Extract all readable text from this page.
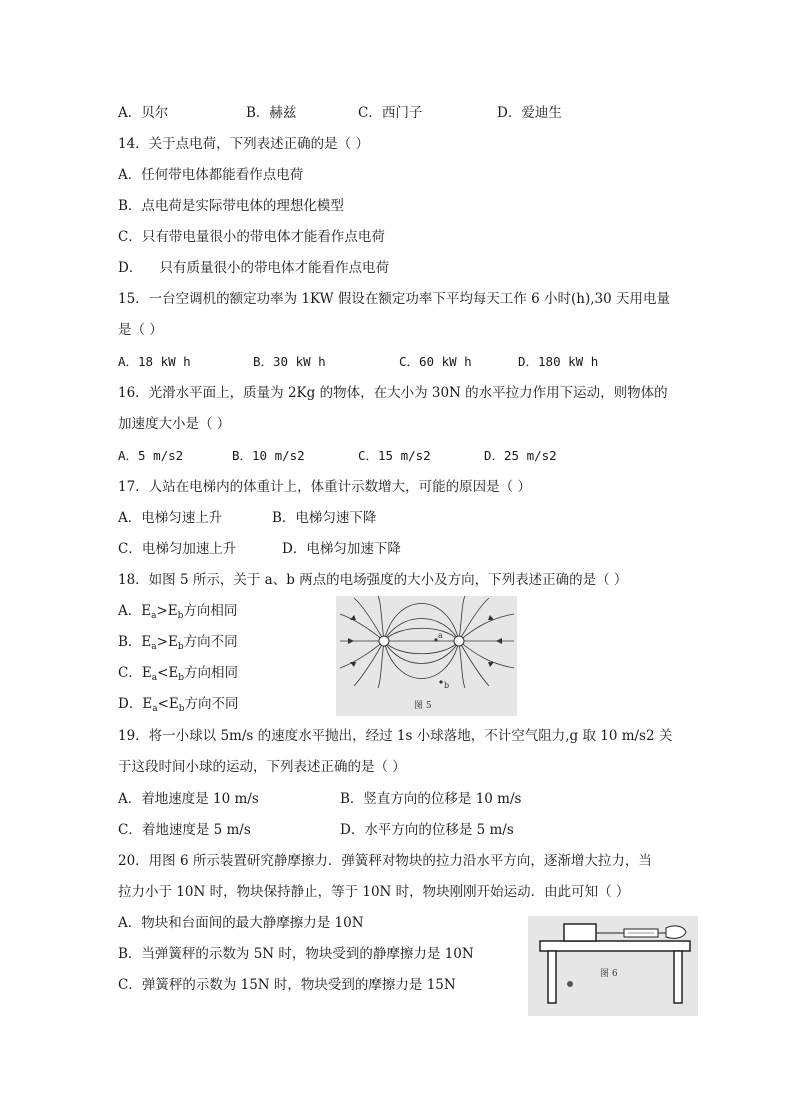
A．贝尔	B．赫兹	C．西门子	D．爱迪生
14．关于点电荷，下列表述正确的是（ ）
A．任何带电体都能看作点电荷
B．点电荷是实际带电体的理想化模型
C．只有带电量很小的带电体才能看作点电荷
D．    只有质量很小的带电体才能看作点电荷
15．一台空调机的额定功率为 1KW 假设在额定功率下平均每天工作 6 小时(h),30 天用电量
是（ ）
A．18 kW h	B．30 kW h	C．60 kW h	D．180 kW h
16．光滑水平面上，质量为 2Kg 的物体，在大小为 30N 的水平拉力作用下运动，则物体的
加速度大小是（ ）
A．5 m/s2	B．10 m/s2	C．15 m/s2	D．25 m/s2
17．人站在电梯内的体重计上，体重计示数增大，可能的原因是（ ）
A．电梯匀速上升	B．电梯匀速下降
C．电梯匀加速上升	D．电梯匀加速下降
18．如图 5 所示，关于 a、b 两点的电场强度的大小及方向，下列表述正确的是（ ）
A．$E_a>E_b$方向相同
B．$E_a>E_b$方向不同
C．$E_a<E_b$方向相同
D．$E_a<E_b$方向不同
a
b
图 5
19．将一小球以 5m/s 的速度水平抛出，经过 1s 小球落地，不计空气阻力,g 取 10 m/s2 关
于这段时间小球的运动，下列表述正确的是（ ）
A．着地速度是 10 m/s	B．竖直方向的位移是 10 m/s
C．着地速度是 5 m/s	D．水平方向的位移是 5 m/s
20．用图 6 所示装置研究静摩擦力．弹簧秤对物块的拉力沿水平方向，逐渐增大拉力，当
拉力小于 10N 时，物块保持静止，等于 10N 时，物块刚刚开始运动．由此可知（ ）
A．物块和台面间的最大静摩擦力是 10N
B．当弹簧秤的示数为 5N 时，物块受到的静摩擦力是 10N
C．弹簧秤的示数为 15N 时，物块受到的摩擦力是 15N
图 6
